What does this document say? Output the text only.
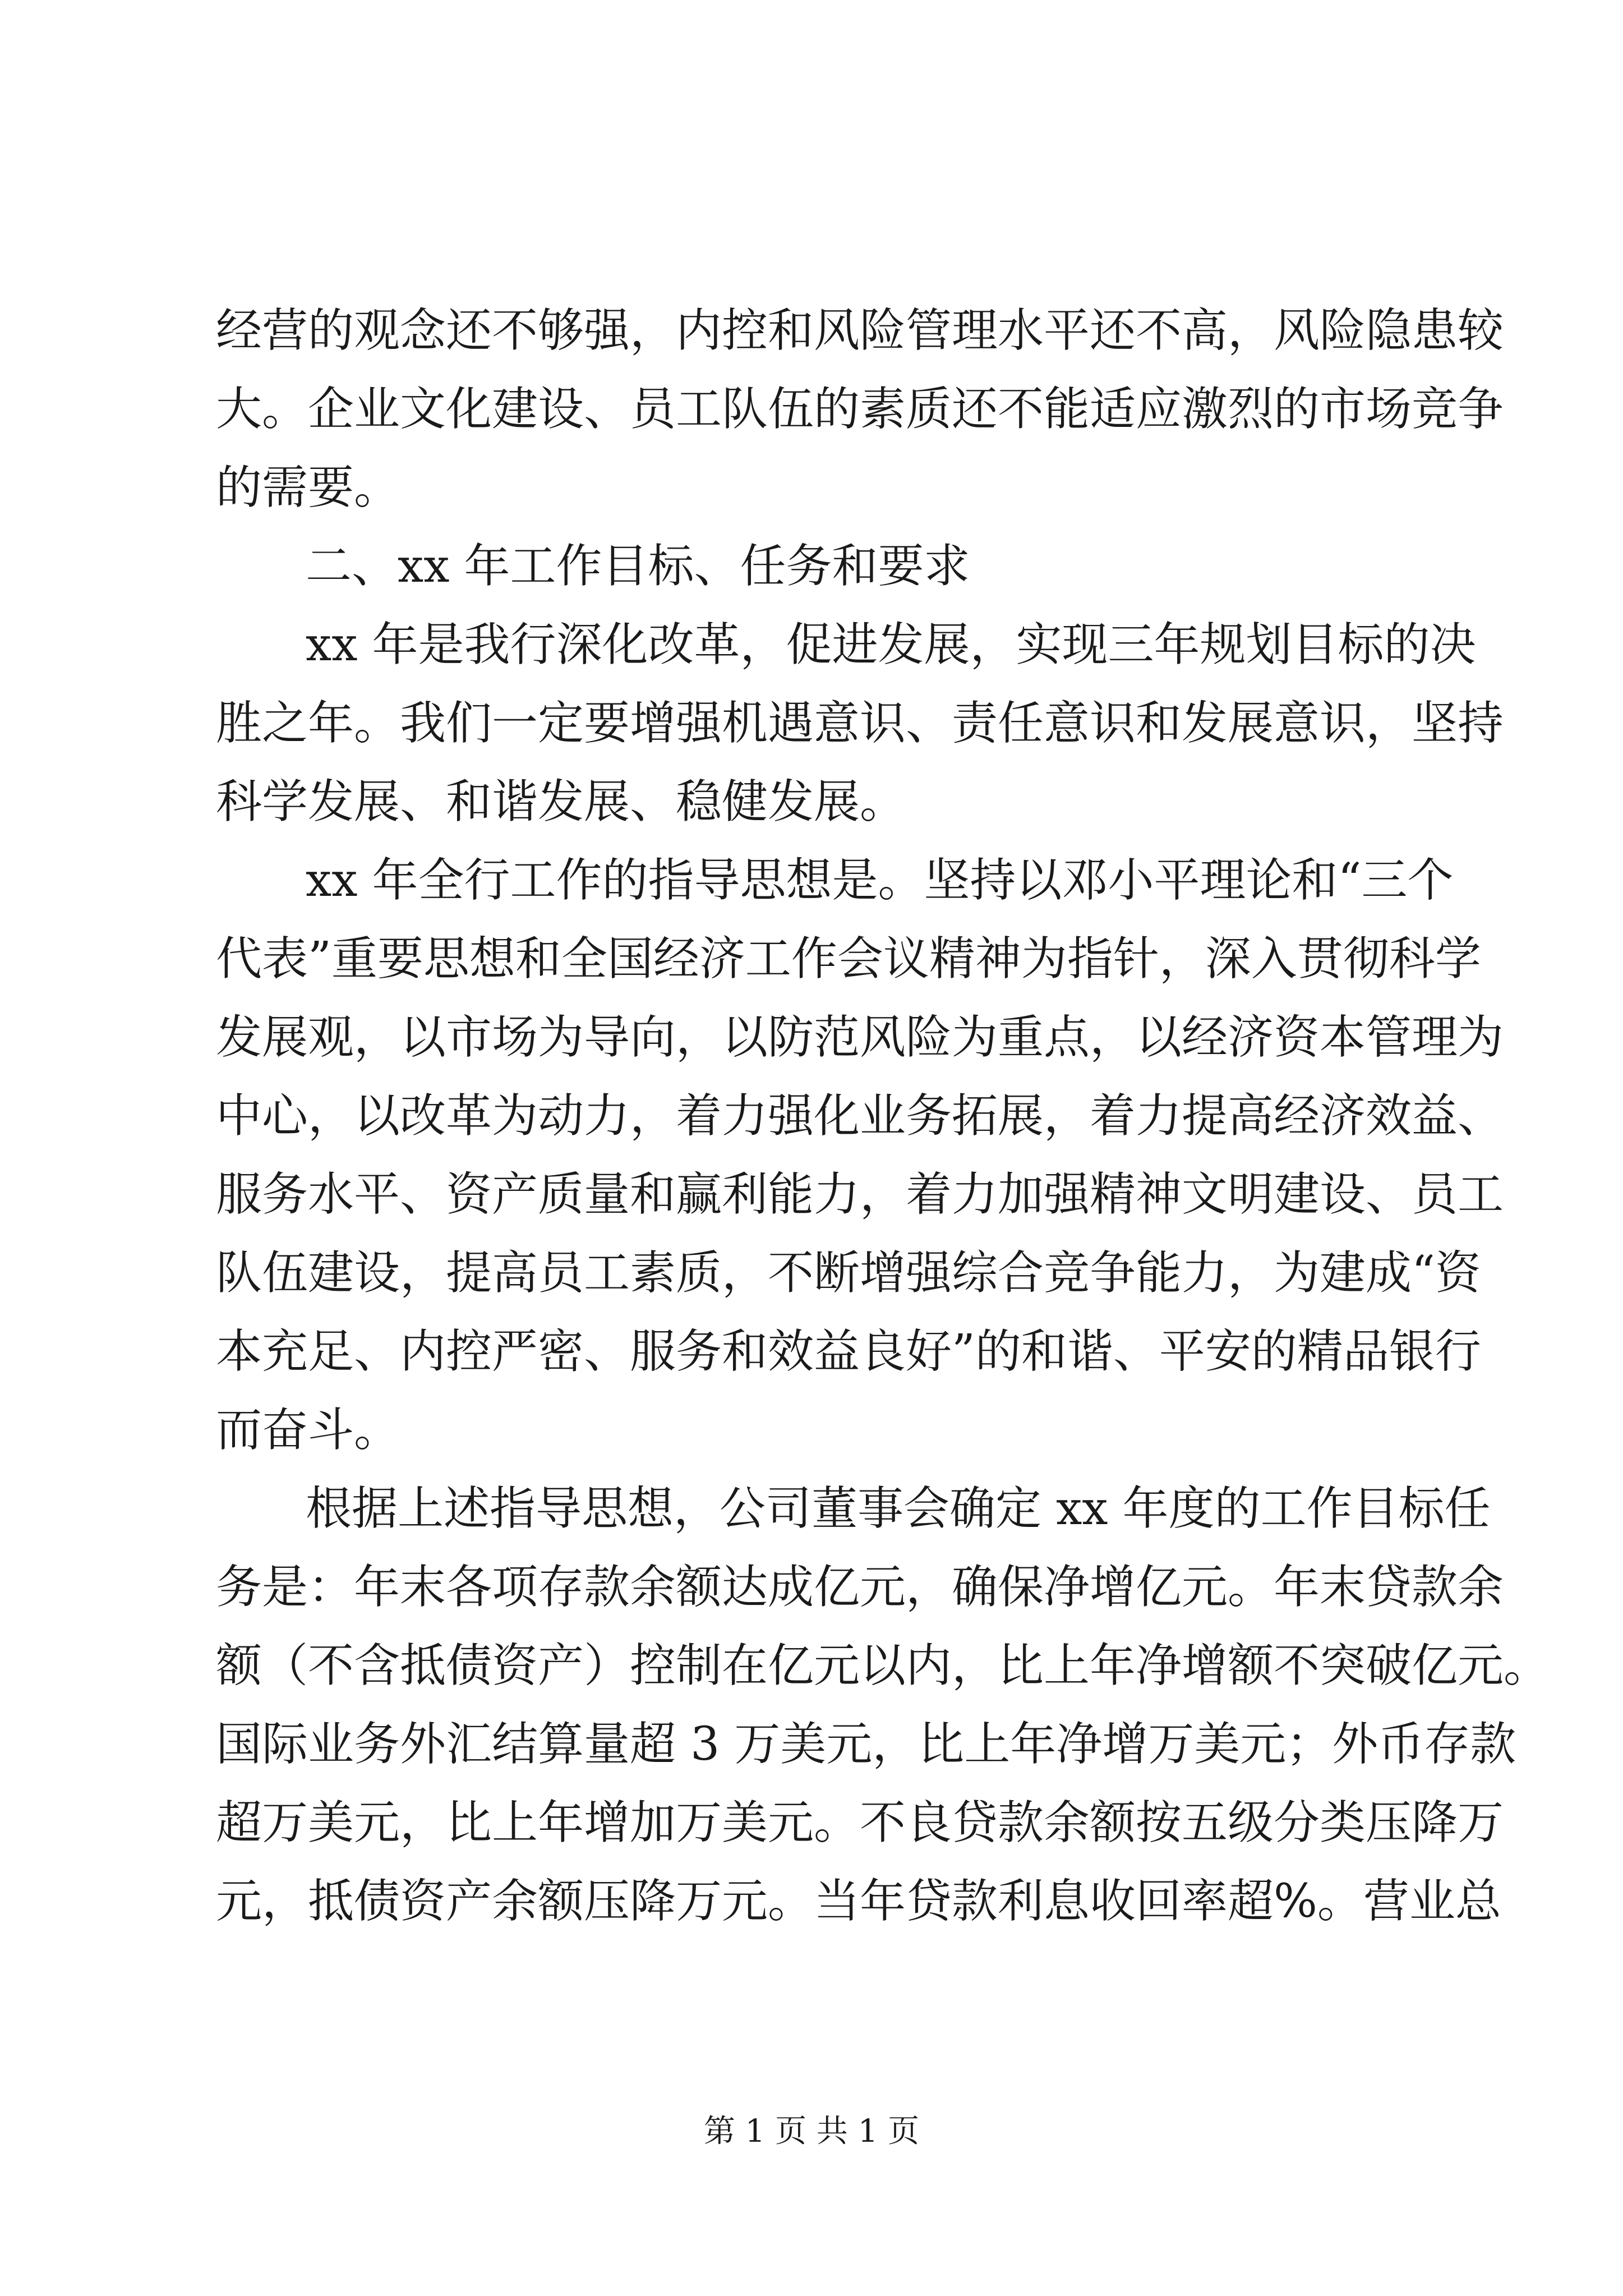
经营的观念还不够强，内控和风险管理水平还不高，风险隐患较
大。企业文化建设、员工队伍的素质还不能适应激烈的市场竞争
的需要。
二、xx 年工作目标、任务和要求
xx 年是我行深化改革，促进发展，实现三年规划目标的决
胜之年。我们一定要增强机遇意识、责任意识和发展意识，坚持
科学发展、和谐发展、稳健发展。
xx 年全行工作的指导思想是。坚持以邓小平理论和“三个
代表”重要思想和全国经济工作会议精神为指针，深入贯彻科学
发展观，以市场为导向，以防范风险为重点，以经济资本管理为
中心，以改革为动力，着力强化业务拓展，着力提高经济效益、
服务水平、资产质量和赢利能力，着力加强精神文明建设、员工
队伍建设，提高员工素质，不断增强综合竞争能力，为建成“资
本充足、内控严密、服务和效益良好”的和谐、平安的精品银行
而奋斗。
根据上述指导思想，公司董事会确定 xx 年度的工作目标任
务是：年末各项存款余额达成亿元，确保净增亿元。年末贷款余
额（不含抵债资产）控制在亿元以内，比上年净增额不突破亿元。
国际业务外汇结算量超 3 万美元，比上年净增万美元；外币存款
超万美元，比上年增加万美元。不良贷款余额按五级分类压降万
元，抵债资产余额压降万元。当年贷款利息收回率超%。营业总
第 1 页 共 1 页
